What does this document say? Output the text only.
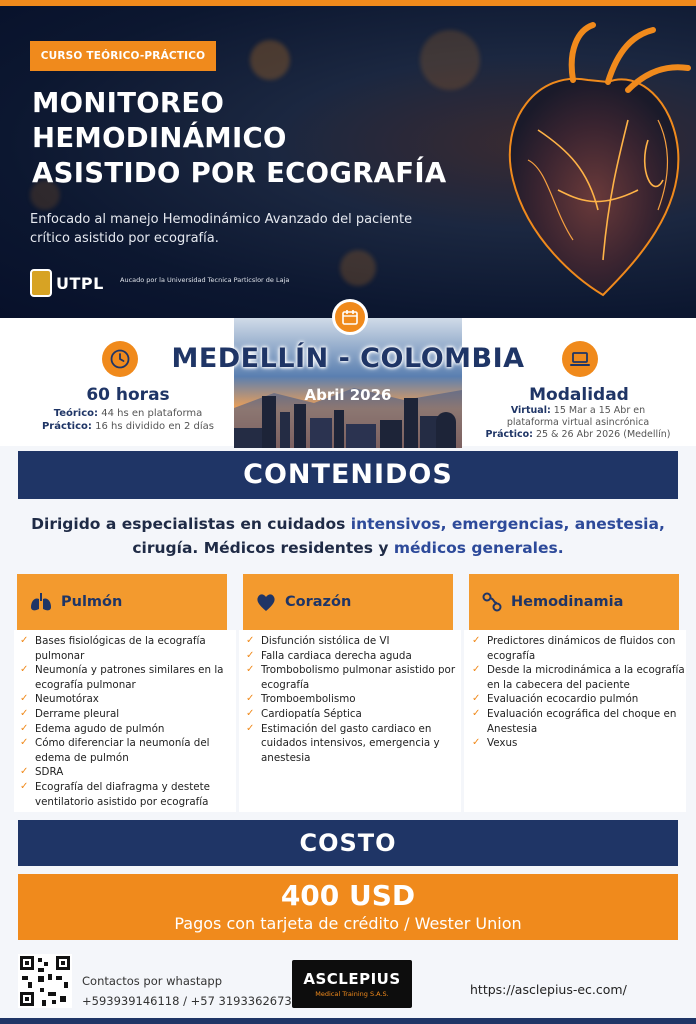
CURSO TEÓRICO-PRÁCTICO
MONITOREO
HEMODINÁMICO
ASISTIDO POR ECOGRAFÍA
Enfocado al manejo Hemodinámico Avanzado del paciente crítico asistido por ecografía.
UTPL Aucado por la Universidad Tecnica Particslor de Laja
MEDELLÍN - COLOMBIA
Abril 2026
60 horas
Teórico: 44 hs en plataforma
Práctico: 16 hs dividido en 2 días
Modalidad
Virtual: 15 Mar a 15 Abr en
plataforma virtual asincrónica
Práctico: 25 & 26 Abr 2026 (Medellín)
CONTENIDOS
Dirigido a especialistas en cuidados intensivos, emergencias, anestesia,
cirugía. Médicos residentes y médicos generales.
Pulmón
✓ Bases fisiológicas de la ecografía pulmonar
✓ Neumonía y patrones similares en la ecografía pulmonar
✓ Neumotórax
✓ Derrame pleural
✓ Edema agudo de pulmón
✓ Cómo diferenciar la neumonía del edema de pulmón
✓ SDRA
✓ Ecografía del diafragma y destete ventilatorio asistido por ecografía
Corazón
✓ Disfunción sistólica de VI
✓ Falla cardiaca derecha aguda
✓ Trombobolismo pulmonar asistido por ecografía
✓ Tromboembolismo
✓ Cardiopatía Séptica
✓ Estimación del gasto cardiaco en cuidados intensivos, emergencia y anestesia
Hemodinamia
✓ Predictores dinámicos de fluidos con ecografía
✓ Desde la microdinámica a la ecografía en la cabecera del paciente
✓ Evaluación ecocardio pulmón
✓ Evaluación ecográfica del choque en Anestesia
✓ Vexus
COSTO
400 USD
Pagos con tarjeta de crédito / Wester Union
Contactos por whastapp
+593939146118 / +57 3193362673
ASCLEPIUS
Medical Training S.A.S.	https://asclepius-ec.com/
